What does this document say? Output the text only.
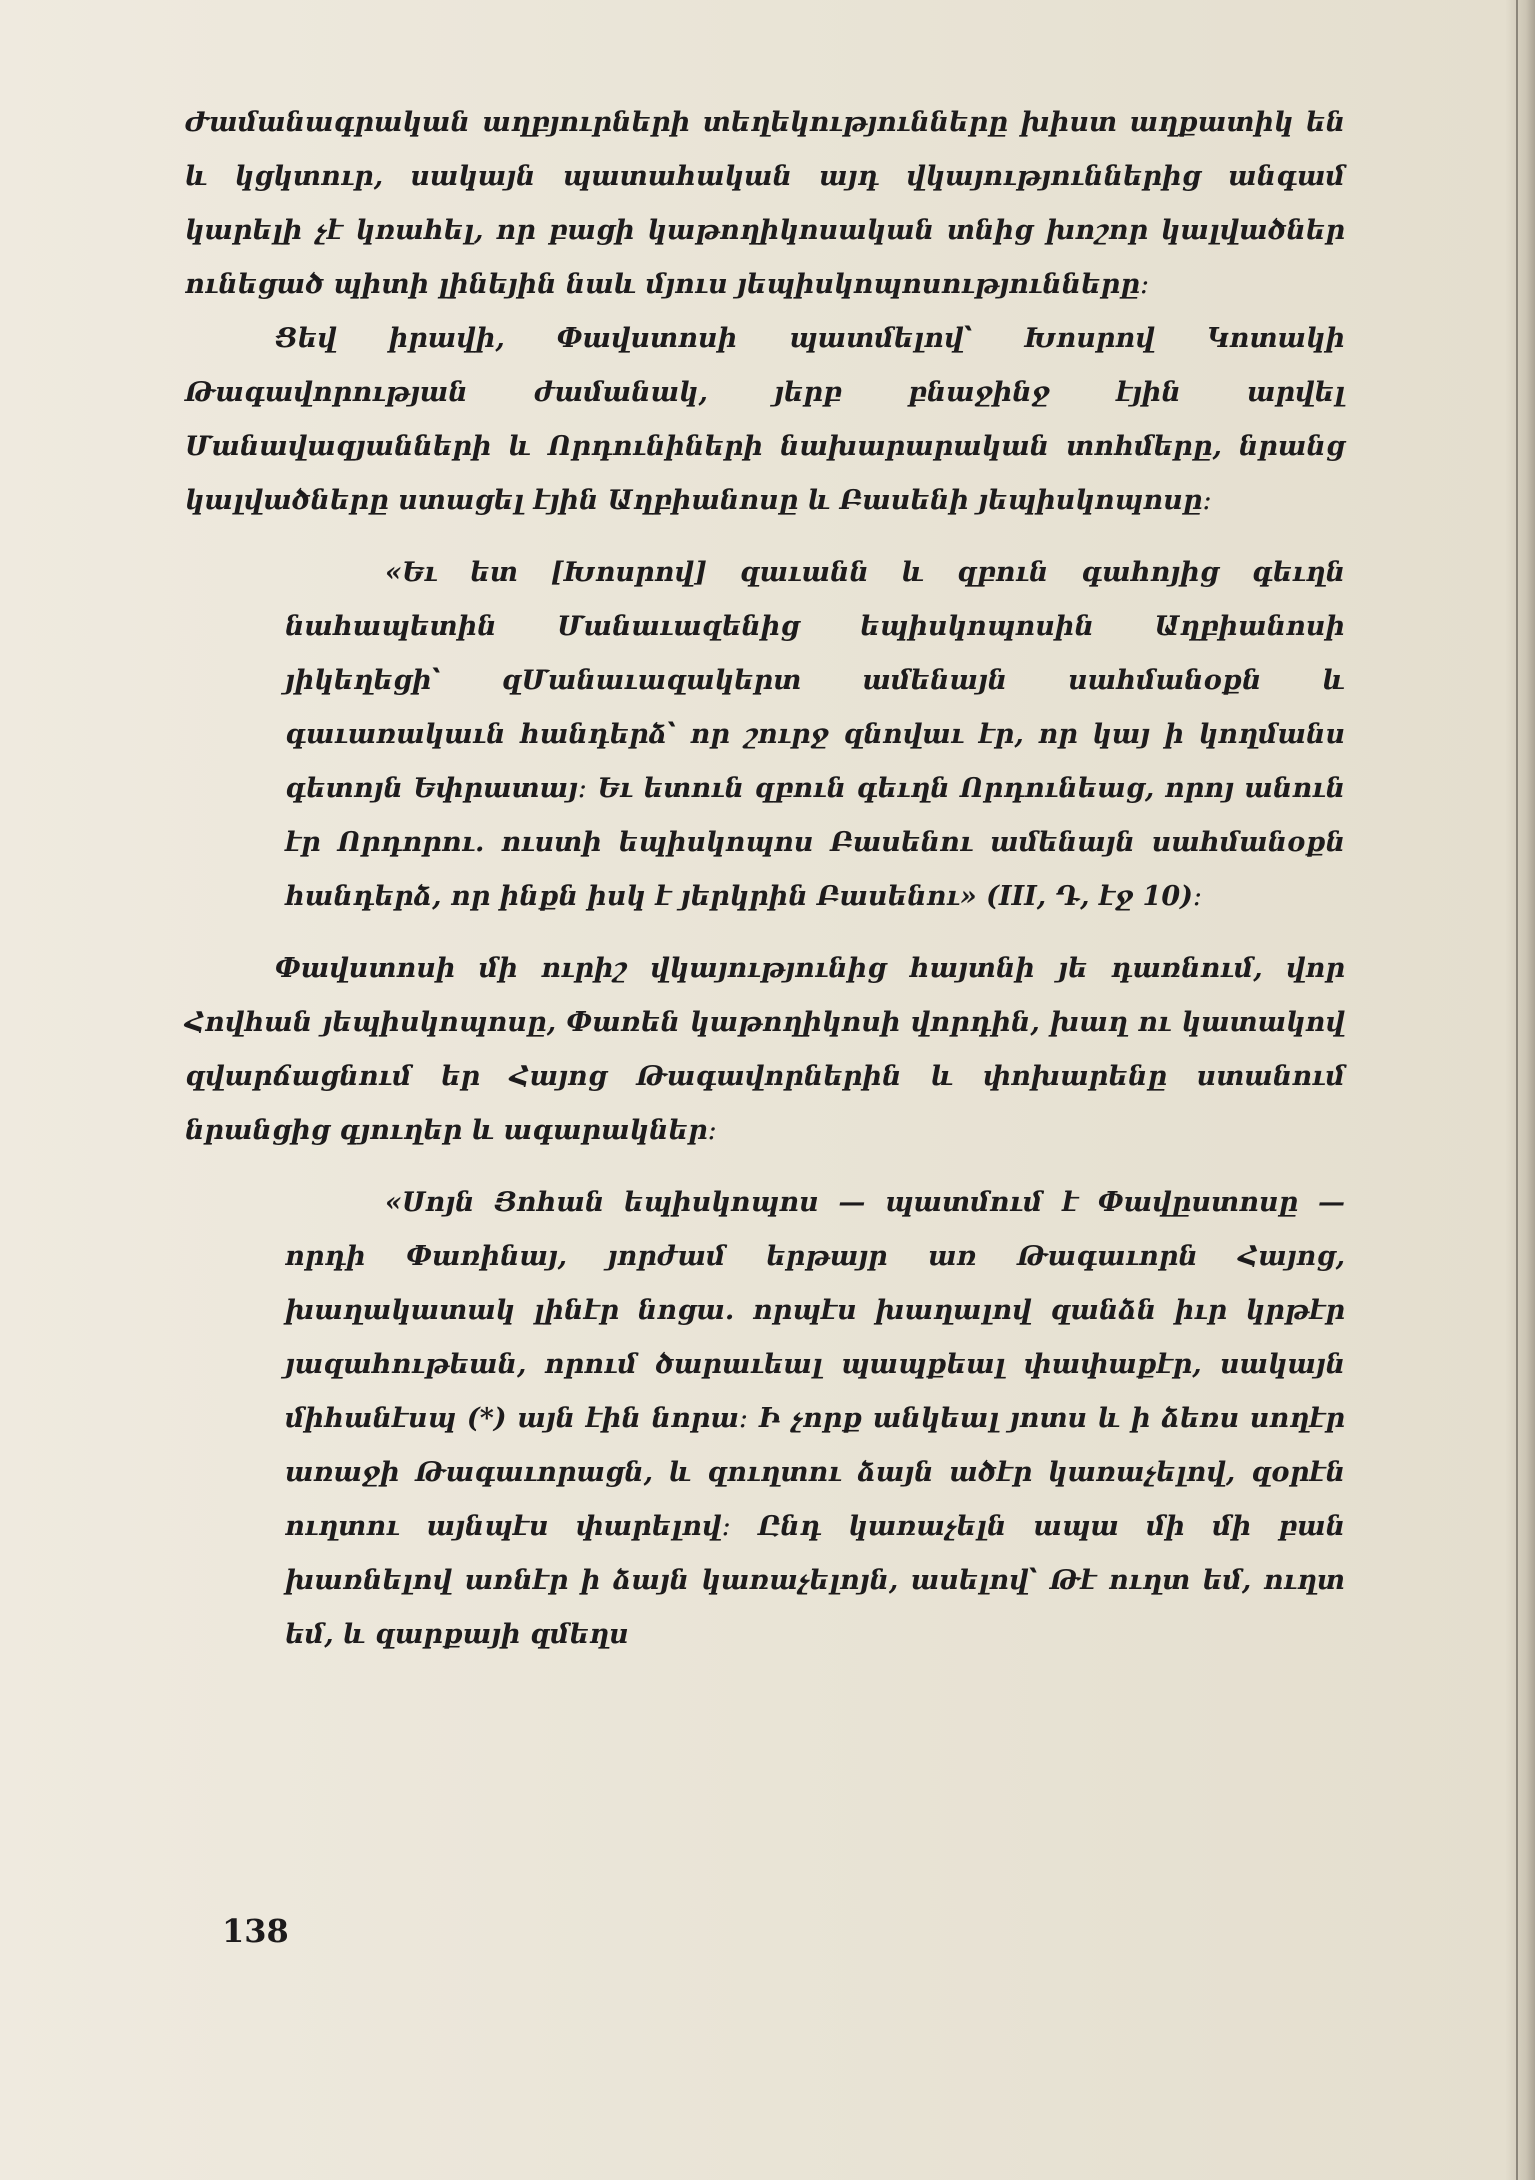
Ժամանագրական աղբյուրների տեղեկությունները խիստ աղքատիկ են և կցկտուր, սակայն պատահական այդ վկայություններից անգամ կարելի չէ կռահել, որ բացի կաթողիկոսական տնից խոշոր կալվածներ ունեցած պիտի լինեյին նաև մյուս յեպիսկոպոսությունները։

Ցեվ իրավի, Փավստոսի պատմելով՝ Խոսրով Կոտակի Թագավորության ժամանակ, յերբ բնաջինջ էյին արվել Մանավազյանների և Որդունիների նախարարական տոհմերը, նրանց կալվածները ստացել էյին Աղբիանոսը և Բասենի յեպիսկոպոսը։

«Եւ ետ [Խոսրով] զաւանն և զբուն գահոյից գեւղն նահապետին Մանաւազենից եպիսկոպոսին Աղբիանոսի յիկեղեցի՝ զՄանաւազակերտ ամենայն սահմանօքն և գաւառակաւն հանդերձ՝ որ շուրջ զնովաւ էր, որ կայ ի կողմանս գետոյն Եփրատայ։ Եւ ետուն զբուն գեւղն Որդունեաց, որոյ անուն էր Որդորու. ուստի եպիսկոպոս Բասենու ամենայն սահմանօքն հանդերձ, որ ինքն իսկ է յերկրին Բասենու» (III, Դ, էջ 10)։

Փավստոսի մի ուրիշ վկայությունից հայտնի յե դառնում, վոր Հովհան յեպիսկոպոսը, Փառեն կաթողիկոսի վորդին, խաղ ու կատակով զվարճացնում եր Հայոց Թագավորներին և փոխարենը ստանում նրանցից գյուղեր և ագարակներ։

«Սոյն Յոհան եպիսկոպոս — պատմում է Փավըստոսը — որդի Փառինայ, յորժամ երթայր առ Թագաւորն Հայոց, խաղակատակ լինէր նոցա. որպէս խաղալով զանձն իւր կրթէր յազահութեան, որում ծարաւեալ պապքեալ փափաքէր, սակայն միհանէսպ (*) այն էին նորա։ Ի չորք անկեալ յոտս և ի ձեռս սողէր առաջի Թագաւորացն, և զուղտու ձայն ածէր կառաչելով, զօրէն ուղտու այնպէս փարելով։ Ընդ կառաչելն ապա մի մի բան խառնելով առնէր ի ձայն կառաչելոյն, ասելով՝ Թէ ուղտ եմ, ուղտ եմ, և զարքայի զմեղս

138
